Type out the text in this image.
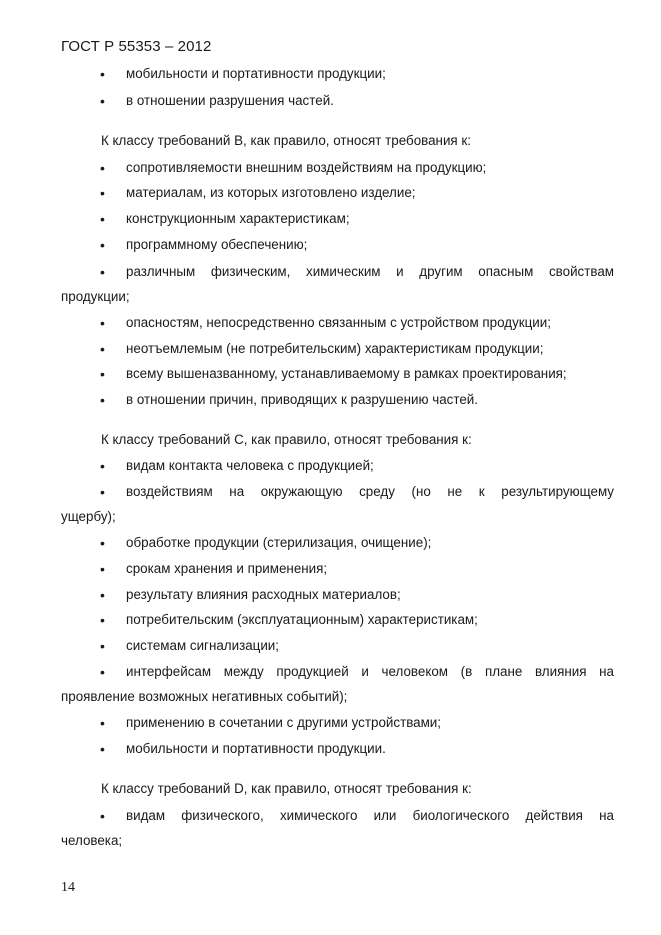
ГОСТ Р 55353 – 2012
• мобильности и портативности продукции;
• в отношении разрушения частей.
К классу требований B, как правило, относят требования к:
• сопротивляемости внешним воздействиям на продукцию;
• материалам, из которых изготовлено изделие;
• конструкционным характеристикам;
• программному обеспечению;
• различным физическим, химическим и другим опасным свойствам
продукции;
• опасностям, непосредственно связанным с устройством продукции;
• неотъемлемым (не потребительским) характеристикам продукции;
• всему вышеназванному, устанавливаемому в рамках проектирования;
• в отношении причин, приводящих к разрушению частей.
К классу требований C, как правило, относят требования к:
• видам контакта человека с продукцией;
• воздействиям на окружающую среду (но не к результирующему
ущербу);
• обработке продукции (стерилизация, очищение);
• срокам хранения и применения;
• результату влияния расходных материалов;
• потребительским (эксплуатационным) характеристикам;
• системам сигнализации;
• интерфейсам между продукцией и человеком (в плане влияния на
проявление возможных негативных событий);
• применению в сочетании с другими устройствами;
• мобильности и портативности продукции.
К классу требований D, как правило, относят требования к:
• видам физического, химического или биологического действия на
человека;
14
